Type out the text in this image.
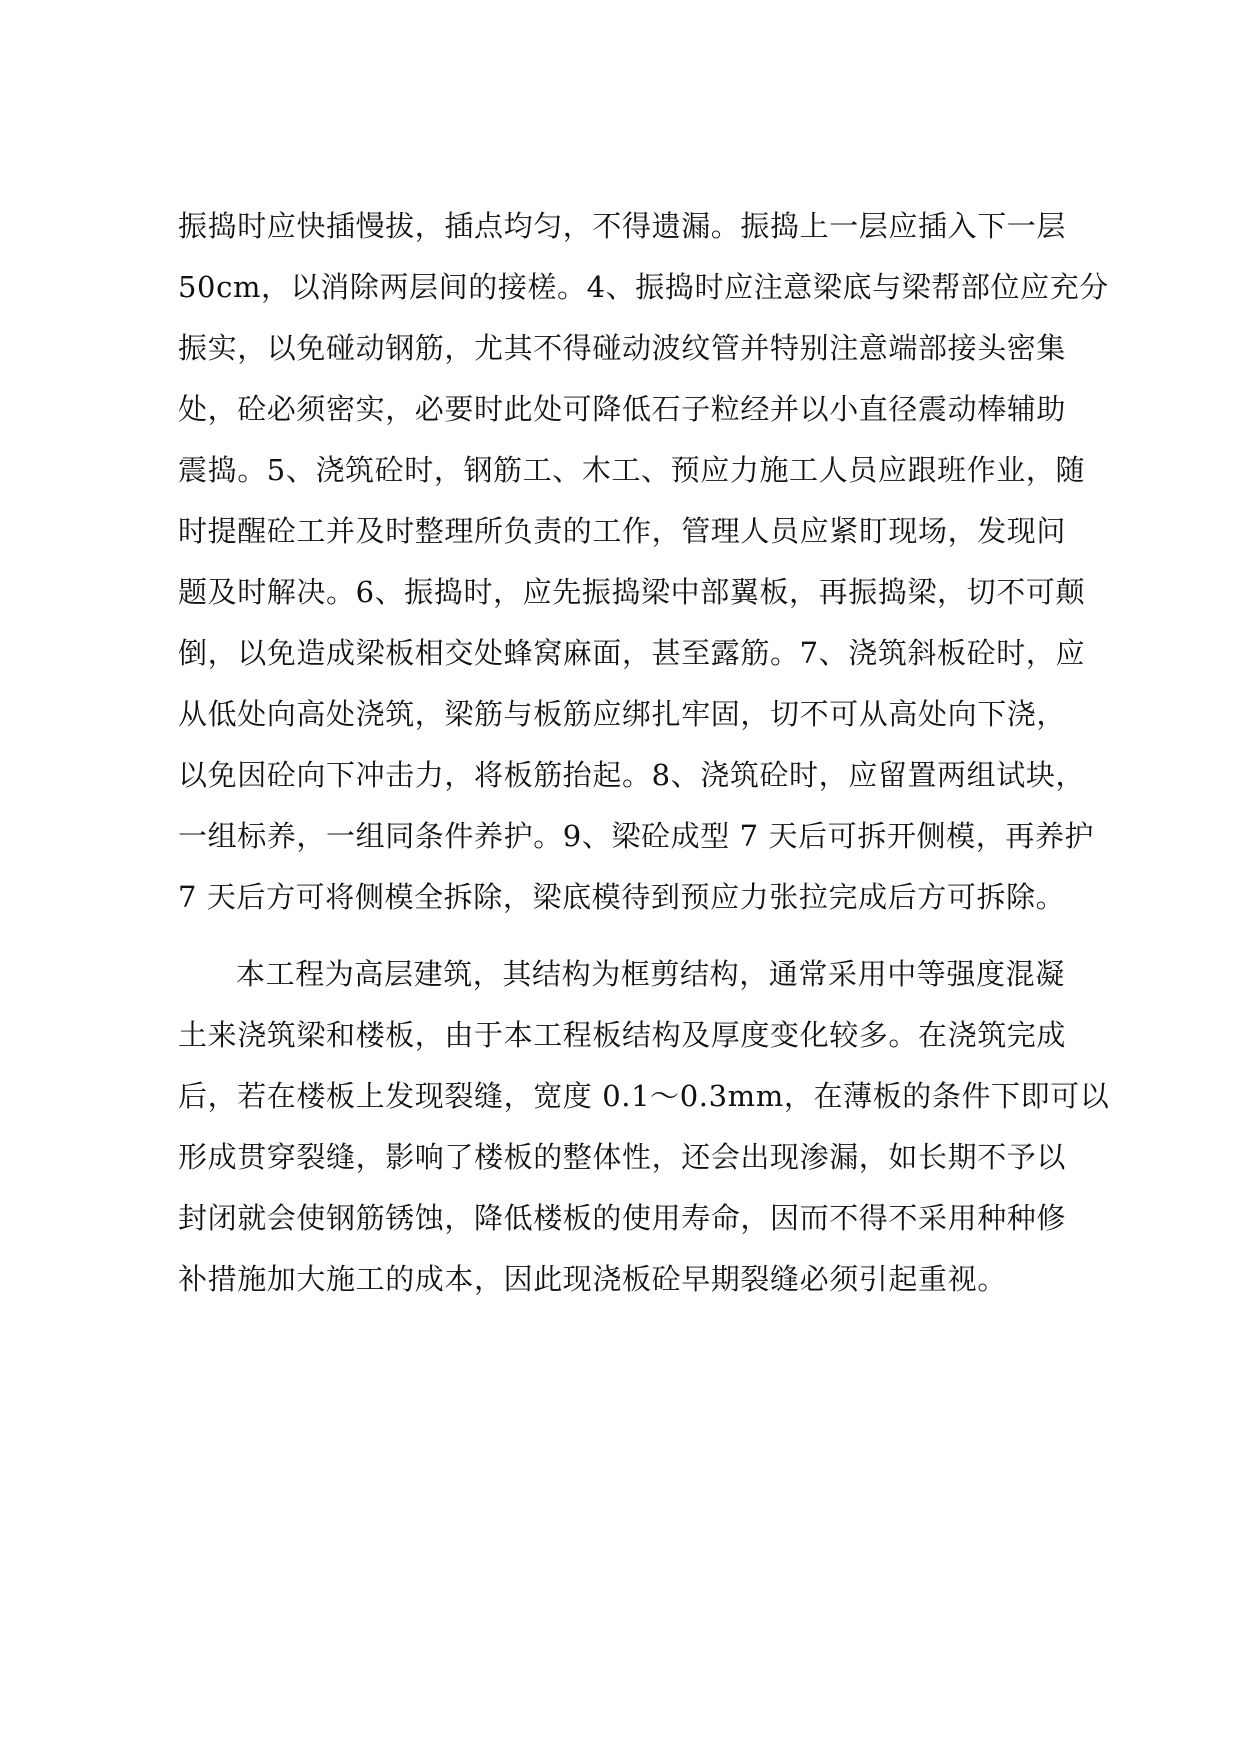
振捣时应快插慢拔，插点均匀，不得遗漏。振捣上一层应插入下一层
50cm，以消除两层间的接槎。4、振捣时应注意梁底与梁帮部位应充分
振实，以免碰动钢筋，尤其不得碰动波纹管并特别注意端部接头密集
处，砼必须密实，必要时此处可降低石子粒经并以小直径震动棒辅助
震捣。5、浇筑砼时，钢筋工、木工、预应力施工人员应跟班作业，随
时提醒砼工并及时整理所负责的工作，管理人员应紧盯现场，发现问
题及时解决。6、振捣时，应先振捣梁中部翼板，再振捣梁，切不可颠
倒，以免造成梁板相交处蜂窝麻面，甚至露筋。7、浇筑斜板砼时，应
从低处向高处浇筑，梁筋与板筋应绑扎牢固，切不可从高处向下浇，
以免因砼向下冲击力，将板筋抬起。8、浇筑砼时，应留置两组试块，
一组标养，一组同条件养护。9、梁砼成型 7 天后可拆开侧模，再养护
7 天后方可将侧模全拆除，梁底模待到预应力张拉完成后方可拆除。
本工程为高层建筑，其结构为框剪结构，通常采用中等强度混凝
土来浇筑梁和楼板，由于本工程板结构及厚度变化较多。在浇筑完成
后，若在楼板上发现裂缝，宽度 0.1～0.3mm，在薄板的条件下即可以
形成贯穿裂缝，影响了楼板的整体性，还会出现渗漏，如长期不予以
封闭就会使钢筋锈蚀，降低楼板的使用寿命，因而不得不采用种种修
补措施加大施工的成本，因此现浇板砼早期裂缝必须引起重视。
